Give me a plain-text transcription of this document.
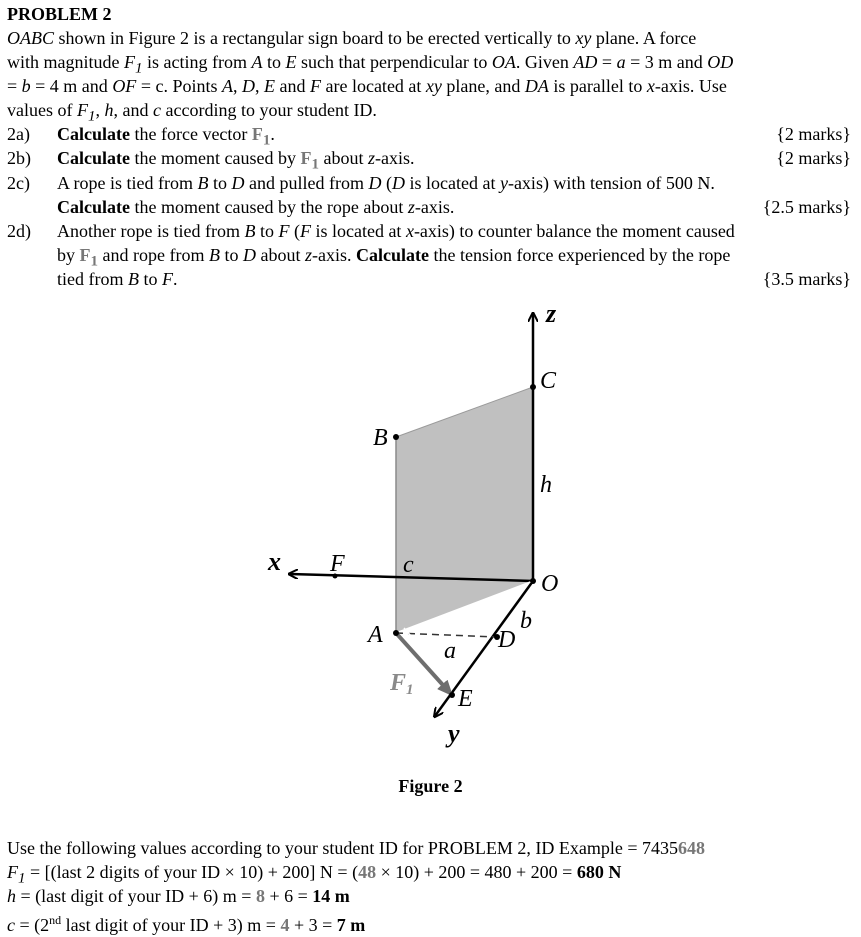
PROBLEM 2
OABC shown in Figure 2 is a rectangular sign board to be erected vertically to xy plane. A force
with magnitude $F_1$ is acting from A to E such that perpendicular to OA. Given AD = a = 3 m and OD
= b = 4 m and OF = c. Points A, D, E and F are located at xy plane, and DA is parallel to x-axis. Use
values of $F_1$, h, and c according to your student ID.
2a) Calculate the force vector $F_1$.	{2 marks}
2b) Calculate the moment caused by $F_1$ about z-axis.	{2 marks}
2c) A rope is tied from B to D and pulled from D (D is located at y-axis) with tension of 500 N.
Calculate the moment caused by the rope about z-axis.	{2.5 marks}
2d) Another rope is tied from B to F (F is located at x-axis) to counter balance the moment caused
by $F_1$ and rope from B to D about z-axis. Calculate the tension force experienced by the rope
tied from B to F.	{3.5 marks}
z
x
y
C
B
O
A	D
E
F
h
c
a
b
F1
Figure 2
Use the following values according to your student ID for PROBLEM 2, ID Example = 7435648
$F_1$ = [(last 2 digits of your ID × 10) + 200] N = (48 × 10) + 200 = 480 + 200 = 680 N
h = (last digit of your ID + 6) m = 8 + 6 = 14 m
c = (2nd last digit of your ID + 3) m = 4 + 3 = 7 m
